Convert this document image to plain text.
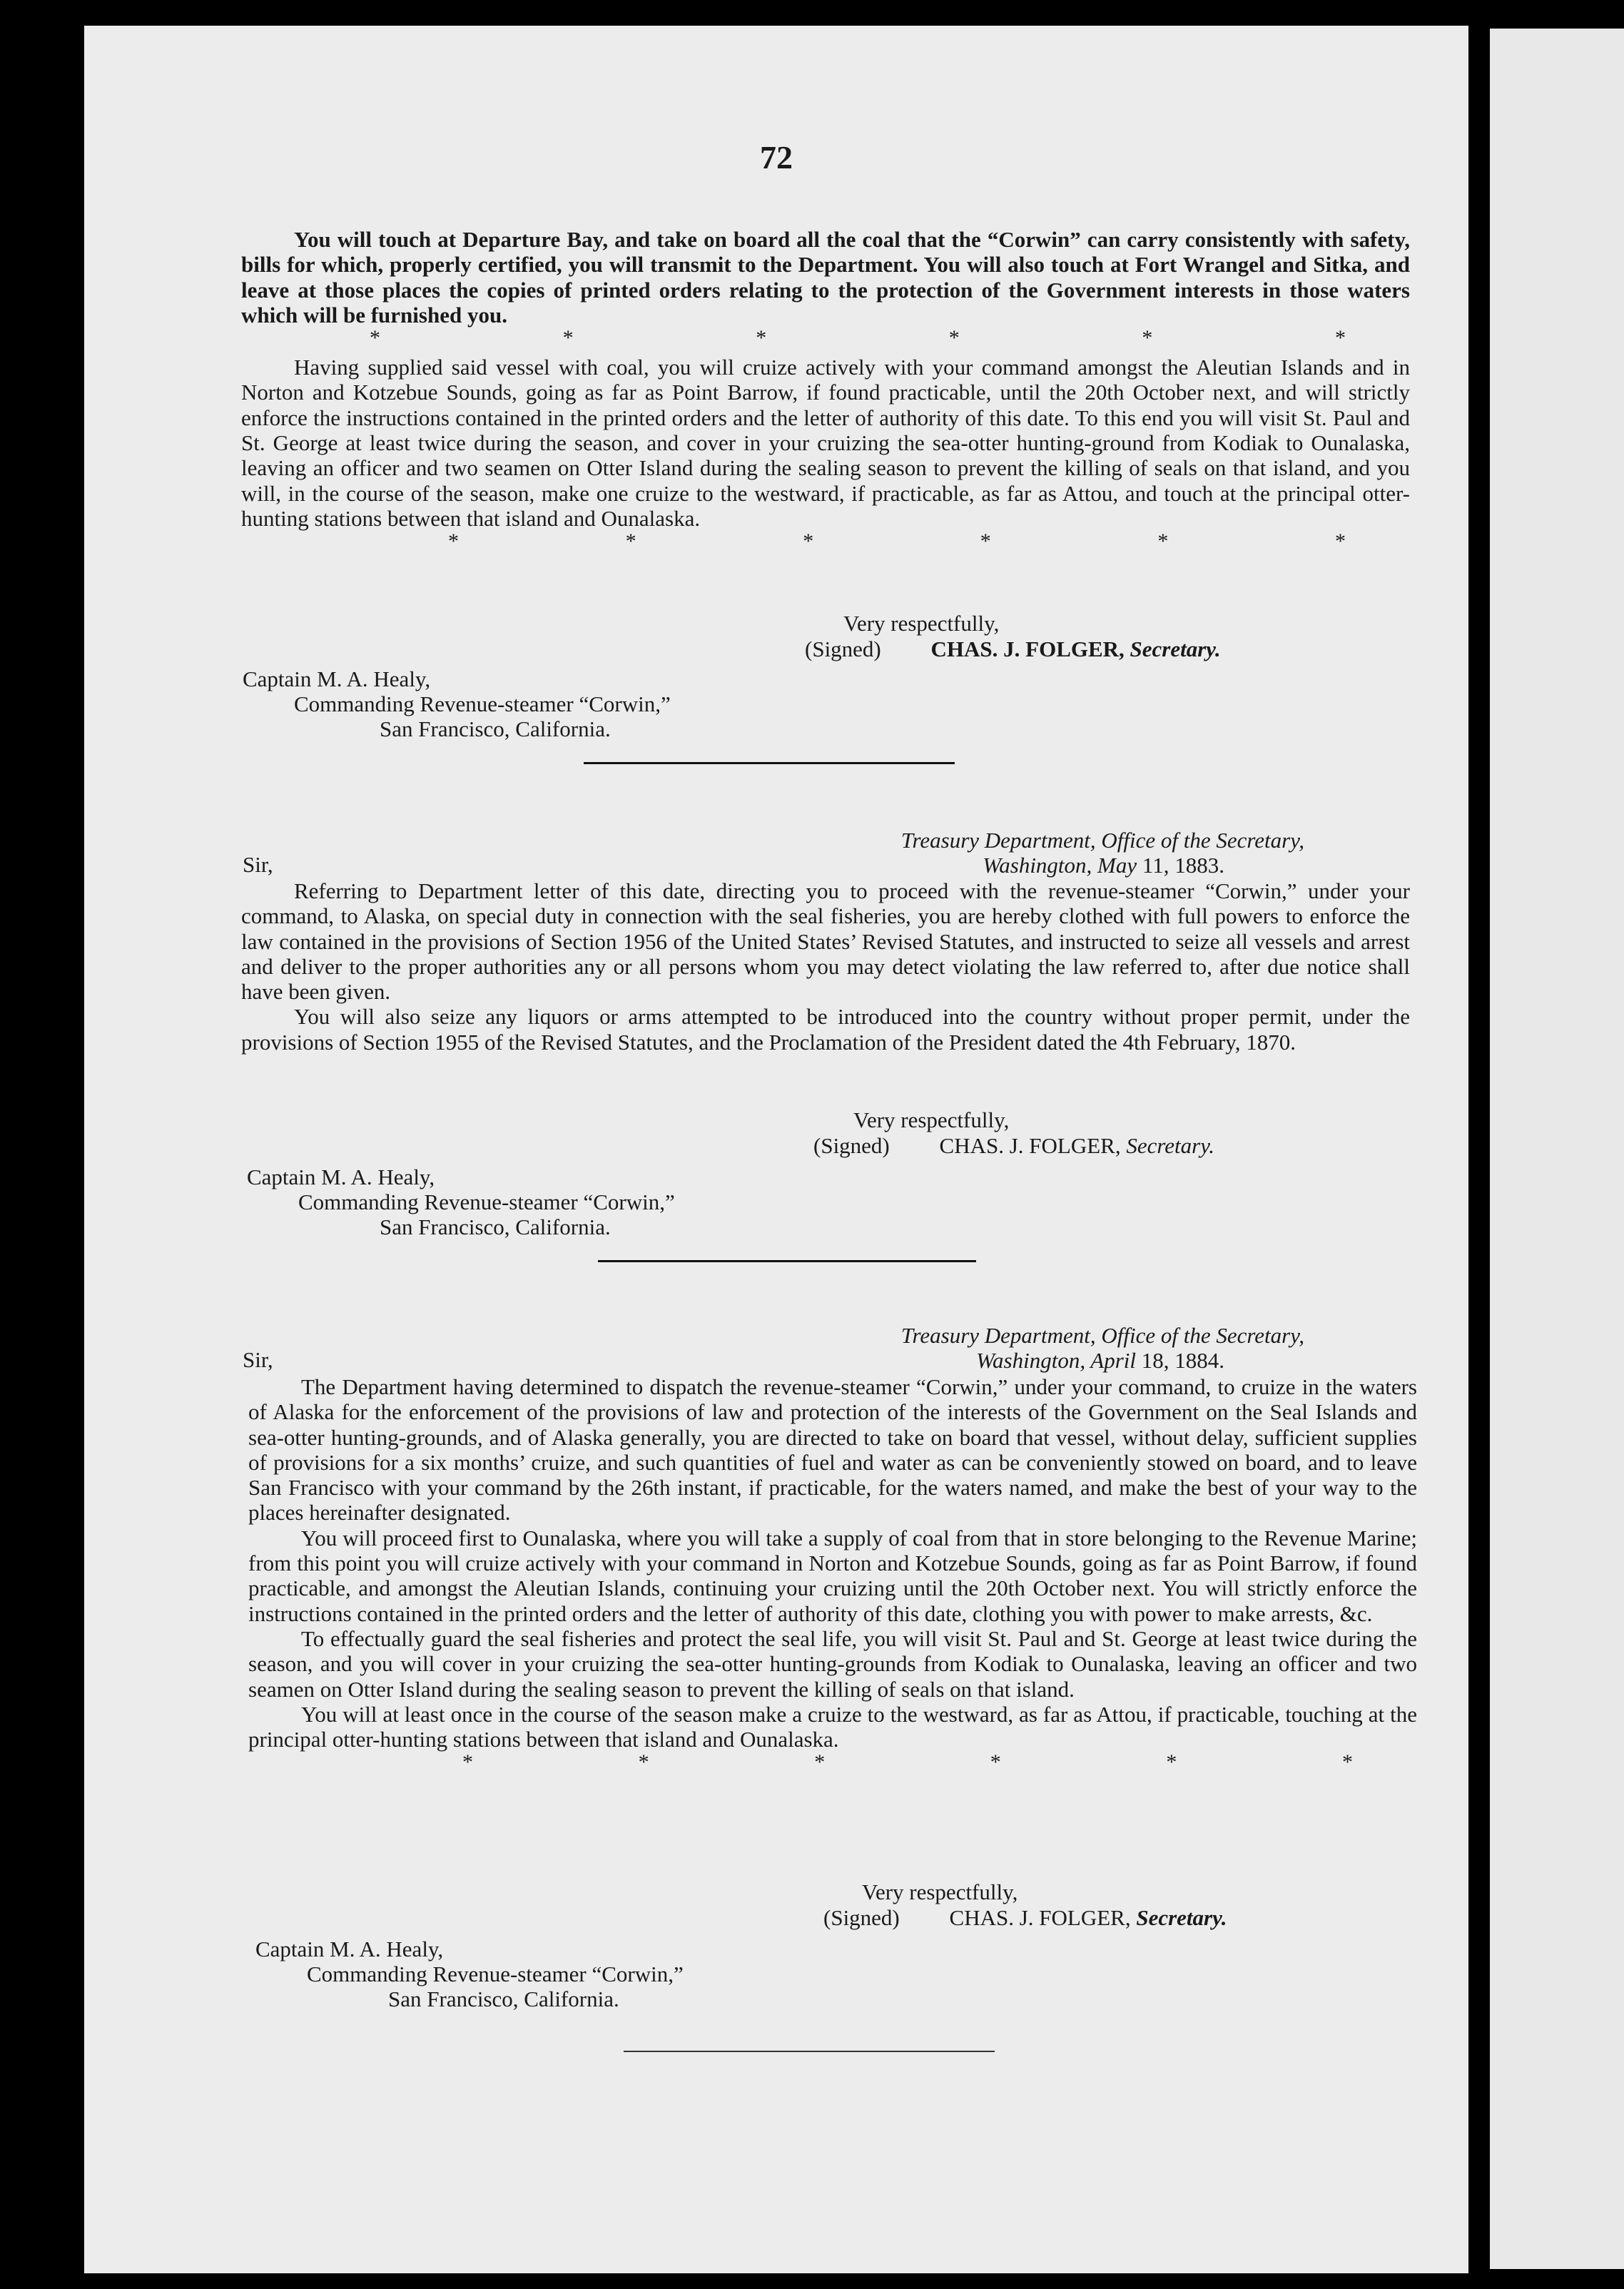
72

You will touch at Departure Bay, and take on board all the coal that the “Corwin” can carry consistently with safety, bills for which, properly certified, you will transmit to the Department. You will also touch at Fort Wrangel and Sitka, and leave at those places the copies of printed orders relating to the protection of the Government interests in those waters which will be furnished you.

*	*	*	*	*	*

Having supplied said vessel with coal, you will cruize actively with your command amongst the Aleutian Islands and in Norton and Kotzebue Sounds, going as far as Point Barrow, if found practicable, until the 20th October next, and will strictly enforce the instructions contained in the printed orders and the letter of authority of this date. To this end you will visit St. Paul and St. George at least twice during the season, and cover in your cruizing the sea-otter hunting-ground from Kodiak to Ounalaska, leaving an officer and two seamen on Otter Island during the sealing season to prevent the killing of seals on that island, and you will, in the course of the season, make one cruize to the westward, if practicable, as far as Attou, and touch at the principal otter-hunting stations between that island and Ounalaska.

*	*	*	*	*	*
Very respectfully,
(Signed) CHAS. J. FOLGER, Secretary.
Captain M. A. Healy,
Commanding Revenue-steamer “Corwin,”
San Francisco, California.
Treasury Department, Office of the Secretary,
Washington, May 11, 1883.
Sir,

Referring to Department letter of this date, directing you to proceed with the revenue-steamer “Corwin,” under your command, to Alaska, on special duty in connection with the seal fisheries, you are hereby clothed with full powers to enforce the law contained in the provisions of Section 1956 of the United States’ Revised Statutes, and instructed to seize all vessels and arrest and deliver to the proper authorities any or all persons whom you may detect violating the law referred to, after due notice shall have been given.

You will also seize any liquors or arms attempted to be introduced into the country without proper permit, under the provisions of Section 1955 of the Revised Statutes, and the Proclamation of the President dated the 4th February, 1870.

Very respectfully,
(Signed) CHAS. J. FOLGER, Secretary.
Captain M. A. Healy,
Commanding Revenue-steamer “Corwin,”
San Francisco, California.
Treasury Department, Office of the Secretary,
Washington, April 18, 1884.
Sir,

The Department having determined to dispatch the revenue-steamer “Corwin,” under your command, to cruize in the waters of Alaska for the enforcement of the provisions of law and protection of the interests of the Government on the Seal Islands and sea-otter hunting-grounds, and of Alaska generally, you are directed to take on board that vessel, without delay, sufficient supplies of provisions for a six months’ cruize, and such quantities of fuel and water as can be conveniently stowed on board, and to leave San Francisco with your command by the 26th instant, if practicable, for the waters named, and make the best of your way to the places hereinafter designated.

You will proceed first to Ounalaska, where you will take a supply of coal from that in store belonging to the Revenue Marine; from this point you will cruize actively with your command in Norton and Kotzebue Sounds, going as far as Point Barrow, if found practicable, and amongst the Aleutian Islands, continuing your cruizing until the 20th October next. You will strictly enforce the instructions contained in the printed orders and the letter of authority of this date, clothing you with power to make arrests, &c.

To effectually guard the seal fisheries and protect the seal life, you will visit St. Paul and St. George at least twice during the season, and you will cover in your cruizing the sea-otter hunting-grounds from Kodiak to Ounalaska, leaving an officer and two seamen on Otter Island during the sealing season to prevent the killing of seals on that island.

You will at least once in the course of the season make a cruize to the westward, as far as Attou, if practicable, touching at the principal otter-hunting stations between that island and Ounalaska.

*	*	*	*	*	*
Very respectfully,
(Signed) CHAS. J. FOLGER, Secretary.
Captain M. A. Healy,
Commanding Revenue-steamer “Corwin,”
San Francisco, California.
